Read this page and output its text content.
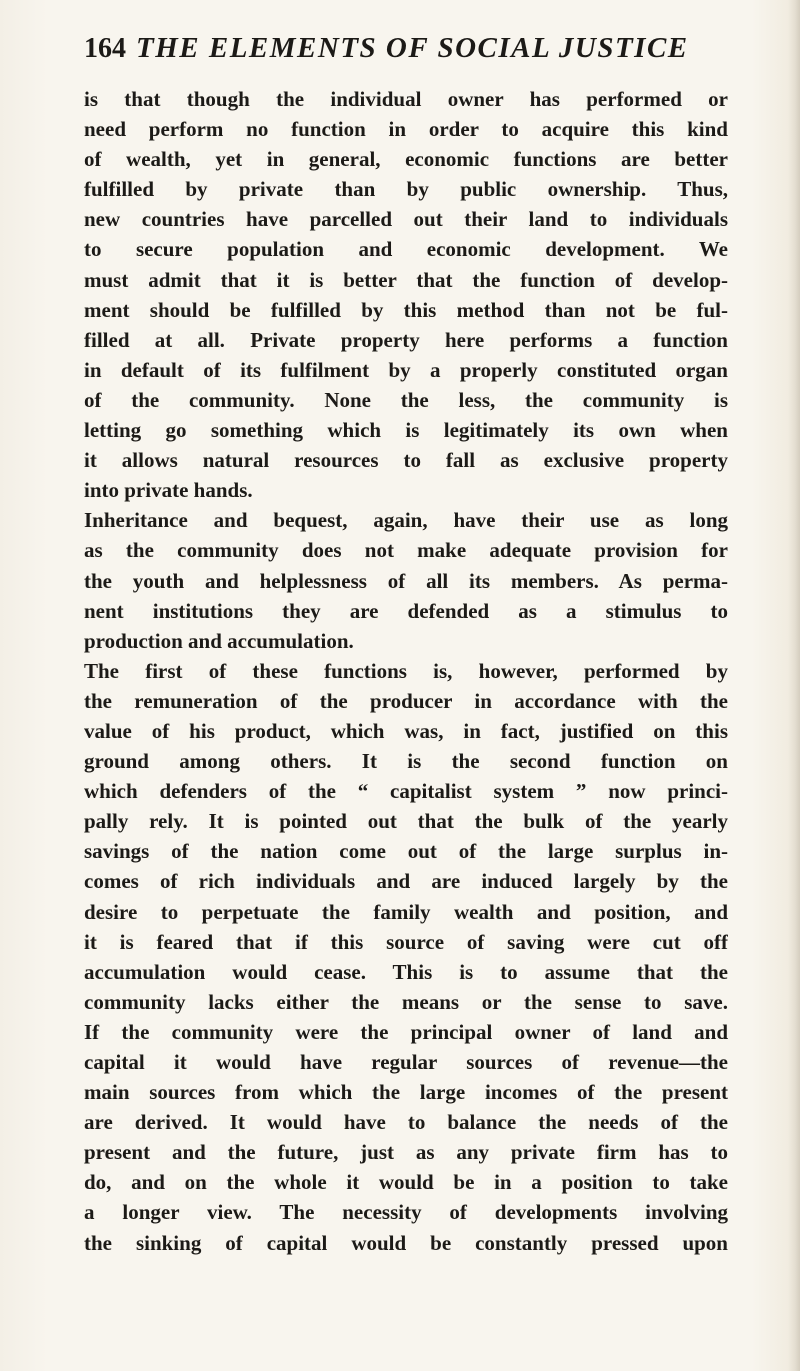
164 THE ELEMENTS OF SOCIAL JUSTICE
is that though the individual owner has performed or
need perform no function in order to acquire this kind
of wealth, yet in general, economic functions are better
fulfilled by private than by public ownership. Thus,
new countries have parcelled out their land to individuals
to secure population and economic development. We
must admit that it is better that the function of develop-
ment should be fulfilled by this method than not be ful-
filled at all. Private property here performs a function
in default of its fulfilment by a properly constituted organ
of the community. None the less, the community is
letting go something which is legitimately its own when
it allows natural resources to fall as exclusive property
into private hands.
Inheritance and bequest, again, have their use as long
as the community does not make adequate provision for
the youth and helplessness of all its members. As perma-
nent institutions they are defended as a stimulus to
production and accumulation.
The first of these functions is, however, performed by
the remuneration of the producer in accordance with the
value of his product, which was, in fact, justified on this
ground among others. It is the second function on
which defenders of the “ capitalist system ” now princi-
pally rely. It is pointed out that the bulk of the yearly
savings of the nation come out of the large surplus in-
comes of rich individuals and are induced largely by the
desire to perpetuate the family wealth and position, and
it is feared that if this source of saving were cut off
accumulation would cease. This is to assume that the
community lacks either the means or the sense to save.
If the community were the principal owner of land and
capital it would have regular sources of revenue—the
main sources from which the large incomes of the present
are derived. It would have to balance the needs of the
present and the future, just as any private firm has to
do, and on the whole it would be in a position to take
a longer view. The necessity of developments involving
the sinking of capital would be constantly pressed upon
